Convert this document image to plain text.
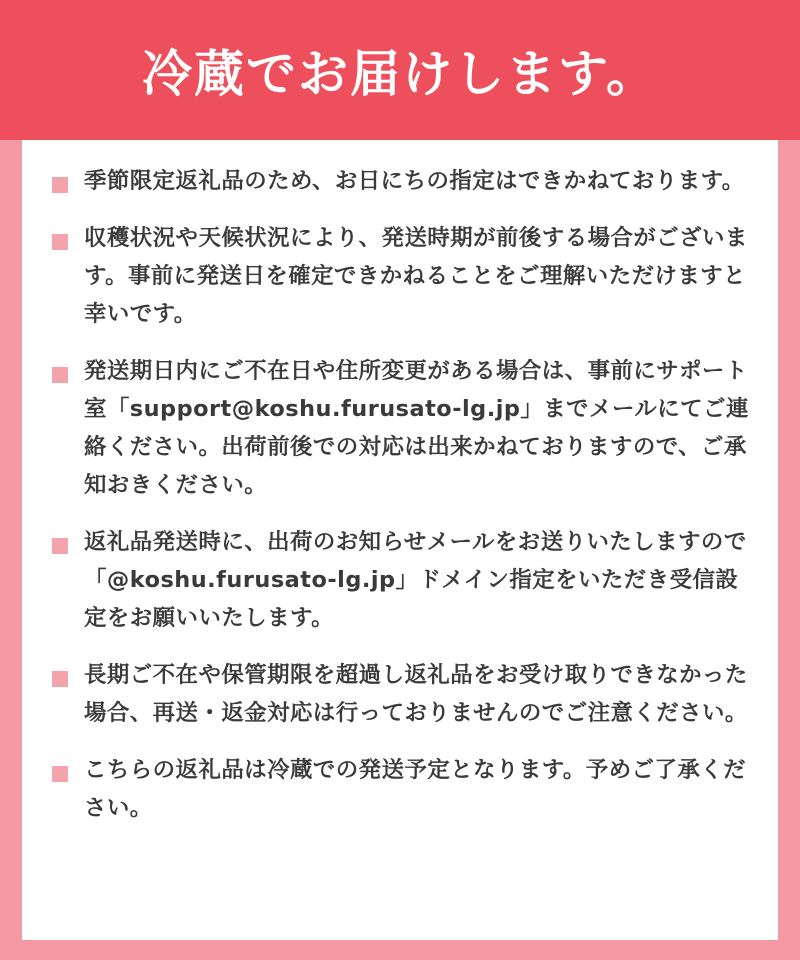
冷蔵でお届けします。

季節限定返礼品のため、お日にちの指定はできかねております。

収穫状況や天候状況により、発送時期が前後する場合がございます。事前に発送日を確定できかねることをご理解いただけますと幸いです。

発送期日内にご不在日や住所変更がある場合は、事前にサポート室「support@koshu.furusato-lg.jp」までメールにてご連絡ください。出荷前後での対応は出来かねておりますので、ご承知おきください。

返礼品発送時に、出荷のお知らせメールをお送りいたしますので「@koshu.furusato-lg.jp」ドメイン指定をいただき受信設定をお願いいたします。

長期ご不在や保管期限を超過し返礼品をお受け取りできなかった場合、再送・返金対応は行っておりませんのでご注意ください。

こちらの返礼品は冷蔵での発送予定となります。予めご了承ください。
